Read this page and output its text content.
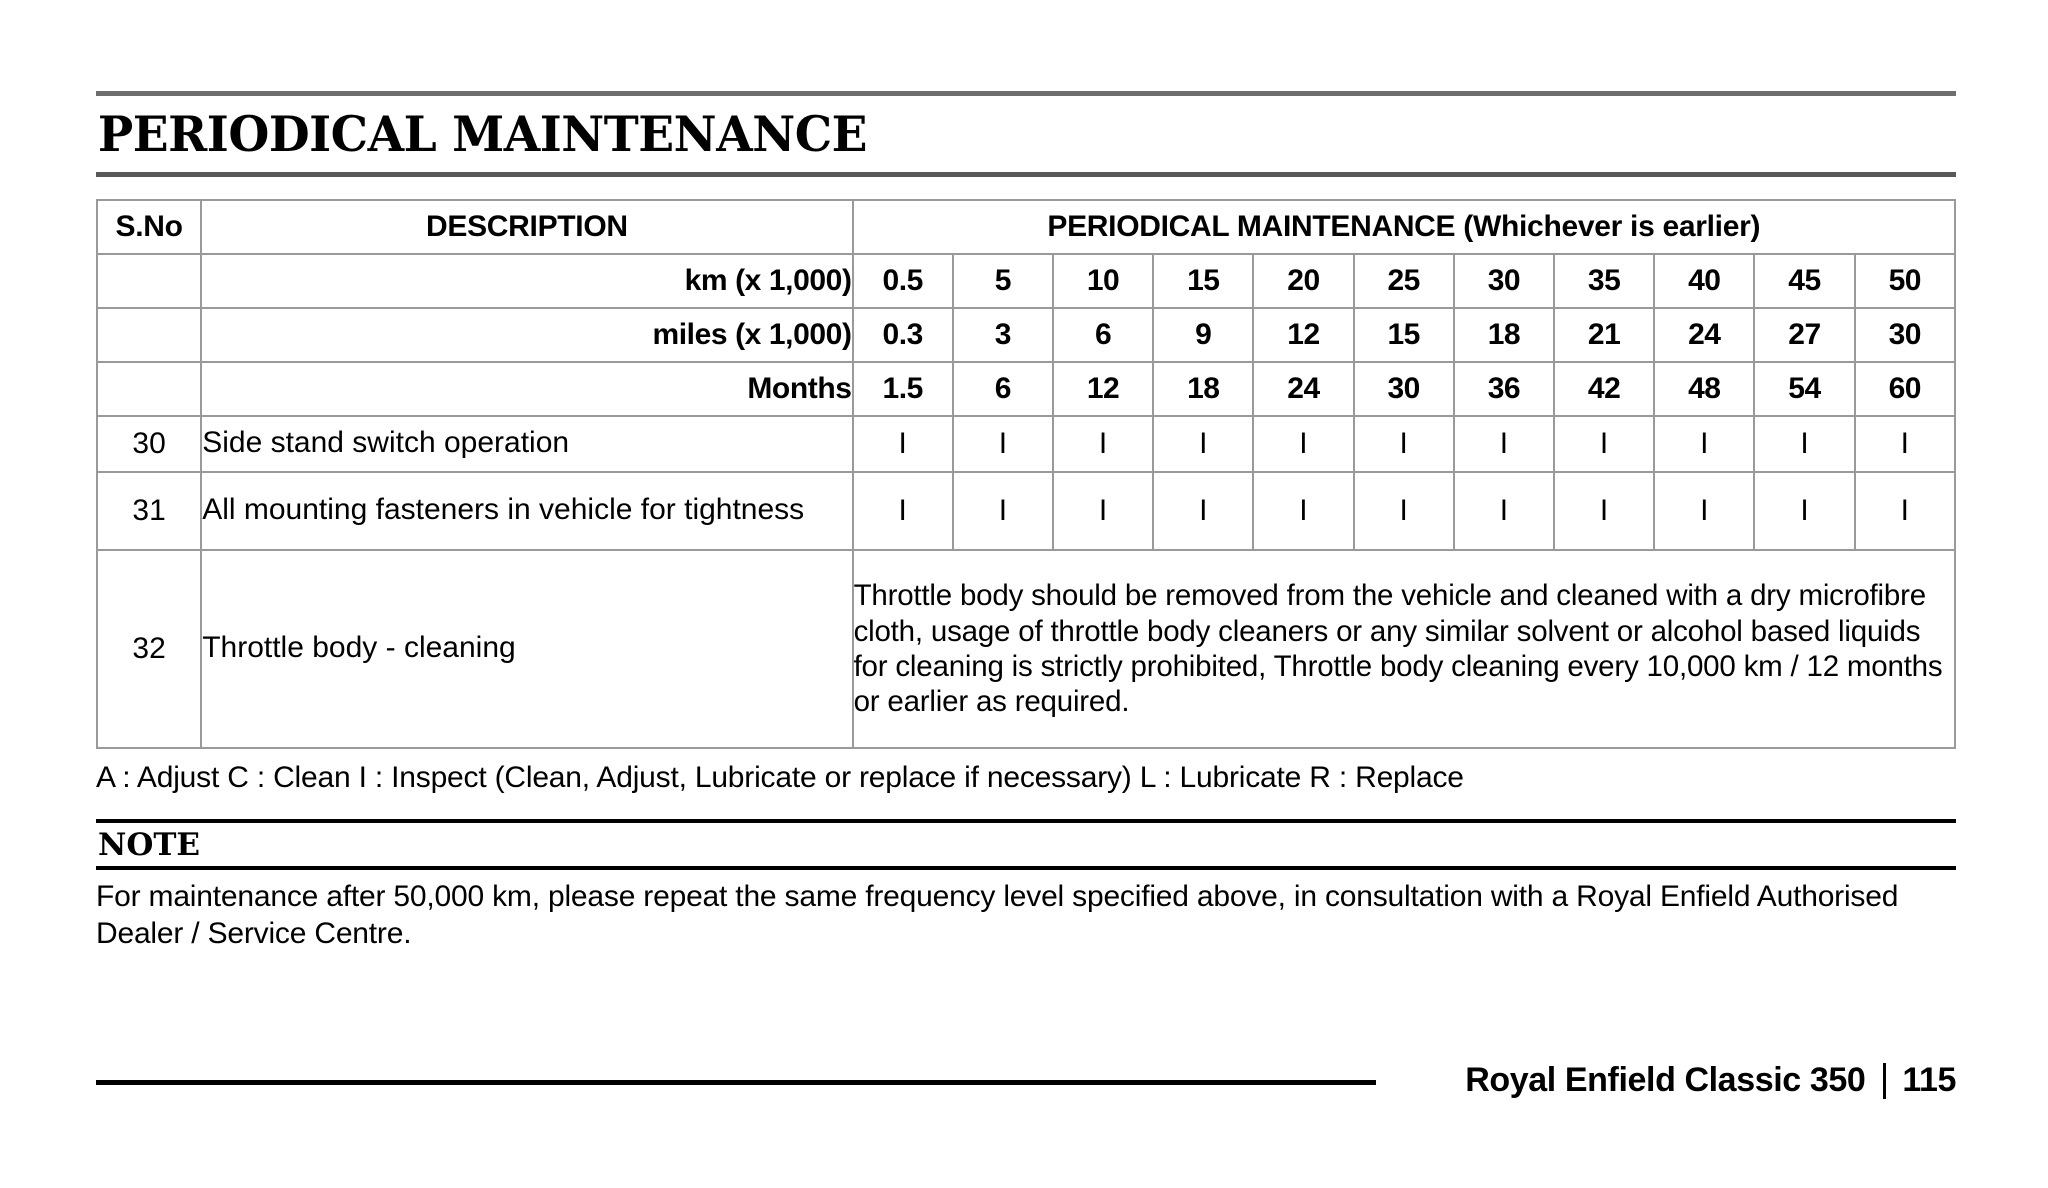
PERIODICAL MAINTENANCE
S.No	DESCRIPTION	PERIODICAL MAINTENANCE (Whichever is earlier)										
	km (x 1,000)	0.5	5	10	15	20	25	30	35	40	45	50
	miles (x 1,000)	0.3	3	6	9	12	15	18	21	24	27	30
	Months	1.5	6	12	18	24	30	36	42	48	54	60
30	Side stand switch operation	I	I	I	I	I	I	I	I	I	I	I
31	All mounting fasteners in vehicle for tightness	I	I	I	I	I	I	I	I	I	I	I
32	Throttle body - cleaning	Throttle body should be removed from the vehicle and cleaned with a dry microfibre cloth, usage of throttle body cleaners or any similar solvent or alcohol based liquids for cleaning is strictly prohibited, Throttle body cleaning every 10,000 km / 12 months or earlier as required.										
A : Adjust C : Clean I : Inspect (Clean, Adjust, Lubricate or replace if necessary) L : Lubricate R : Replace
NOTE
For maintenance after 50,000 km, please repeat the same frequency level specified above, in consultation with a Royal Enfield Authorised Dealer / Service Centre.
Royal Enfield Classic 350 115
